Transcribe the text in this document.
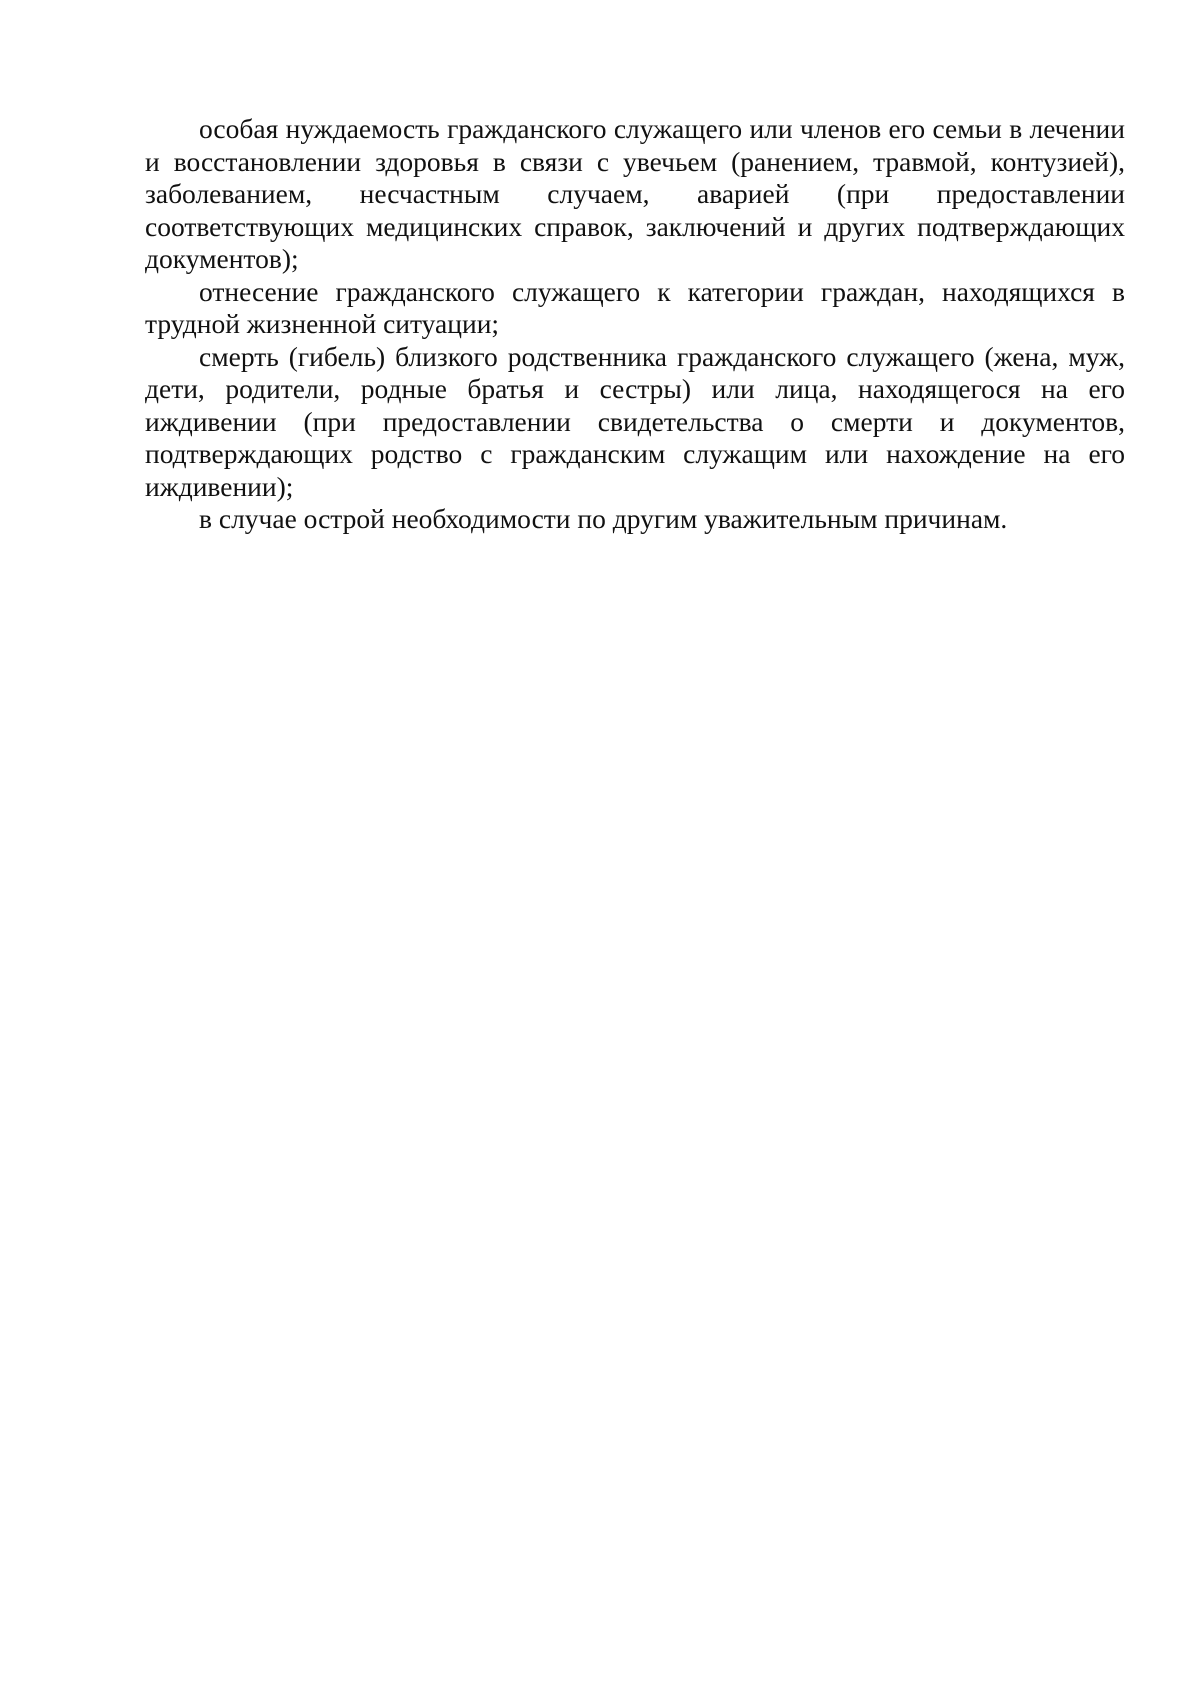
особая нуждаемость гражданского служащего или членов его семьи в лечении и восстановлении здоровья в связи с увечьем (ранением, травмой, контузией), заболеванием, несчастным случаем, аварией (при предоставлении соответствующих медицинских справок, заключений и других подтверждающих документов);

отнесение гражданского служащего к категории граждан, находящихся в трудной жизненной ситуации;

смерть (гибель) близкого родственника гражданского служащего (жена, муж, дети, родители, родные братья и сестры) или лица, находящегося на его иждивении (при предоставлении свидетельства о смерти и документов, подтверждающих родство с гражданским служащим или нахождение на его иждивении);

в случае острой необходимости по другим уважительным причинам.
